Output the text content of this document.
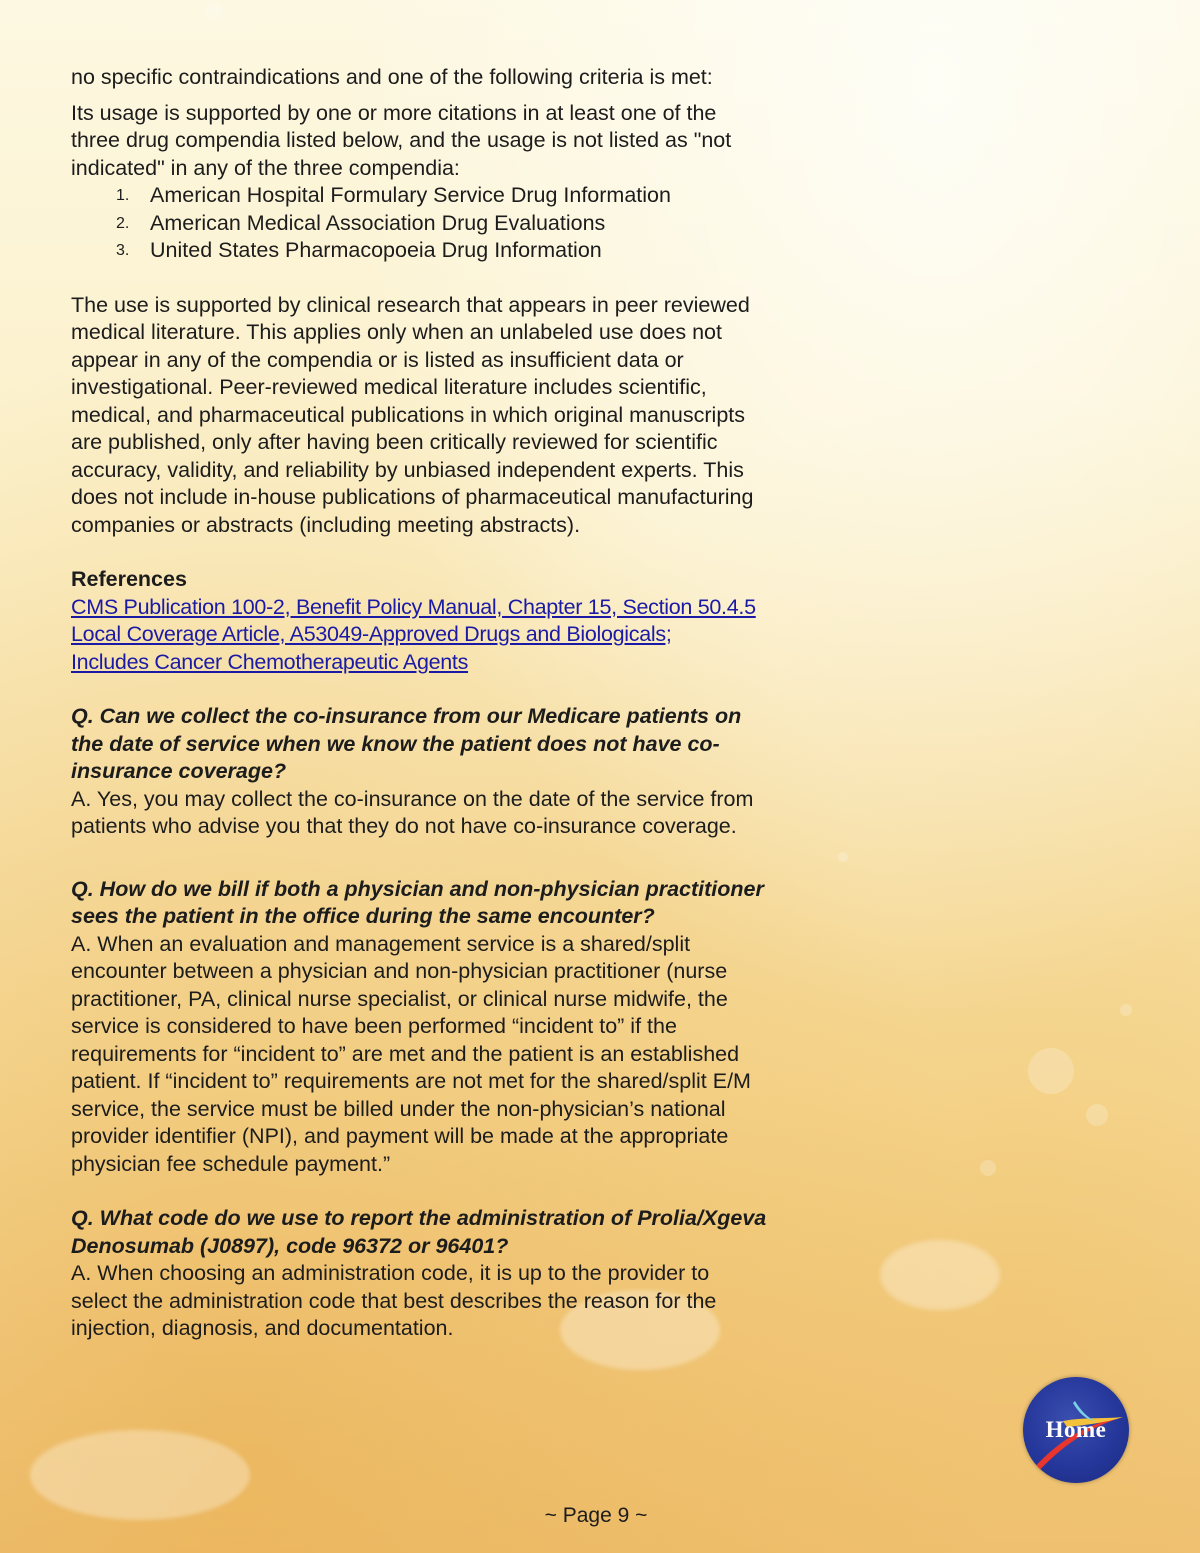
no specific contraindications and one of the following criteria is met:

Its usage is supported by one or more citations in at least one of the three drug compendia listed below, and the usage is not listed as "not indicated" in any of the three compendia:

1. American Hospital Formulary Service Drug Information
2. American Medical Association Drug Evaluations
3. United States Pharmacopoeia Drug Information

The use is supported by clinical research that appears in peer reviewed medical literature. This applies only when an unlabeled use does not appear in any of the compendia or is listed as insufficient data or investigational. Peer-reviewed medical literature includes scientific, medical, and pharmaceutical publications in which original manuscripts are published, only after having been critically reviewed for scientific accuracy, validity, and reliability by unbiased independent experts. This does not include in-house publications of pharmaceutical manufacturing companies or abstracts (including meeting abstracts).

References

CMS Publication 100-2, Benefit Policy Manual, Chapter 15, Section 50.4.5
Local Coverage Article, A53049-Approved Drugs and Biologicals;
Includes Cancer Chemotherapeutic Agents

Q. Can we collect the co-insurance from our Medicare patients on the date of service when we know the patient does not have co-insurance coverage?

A. Yes, you may collect the co-insurance on the date of the service from patients who advise you that they do not have co-insurance coverage.

Q. How do we bill if both a physician and non-physician practitioner sees the patient in the office during the same encounter?

A. When an evaluation and management service is a shared/split encounter between a physician and non-physician practitioner (nurse practitioner, PA, clinical nurse specialist, or clinical nurse midwife, the service is considered to have been performed “incident to” if the requirements for “incident to” are met and the patient is an established patient. If “incident to” requirements are not met for the shared/split E/M service, the service must be billed under the non-physician’s national provider identifier (NPI), and payment will be made at the appropriate physician fee schedule payment.”

Q. What code do we use to report the administration of Prolia/Xgeva Denosumab (J0897), code 96372 or 96401?

A. When choosing an administration code, it is up to the provider to select the administration code that best describes the reason for the injection, diagnosis, and documentation.

~ Page 9 ~
Home
